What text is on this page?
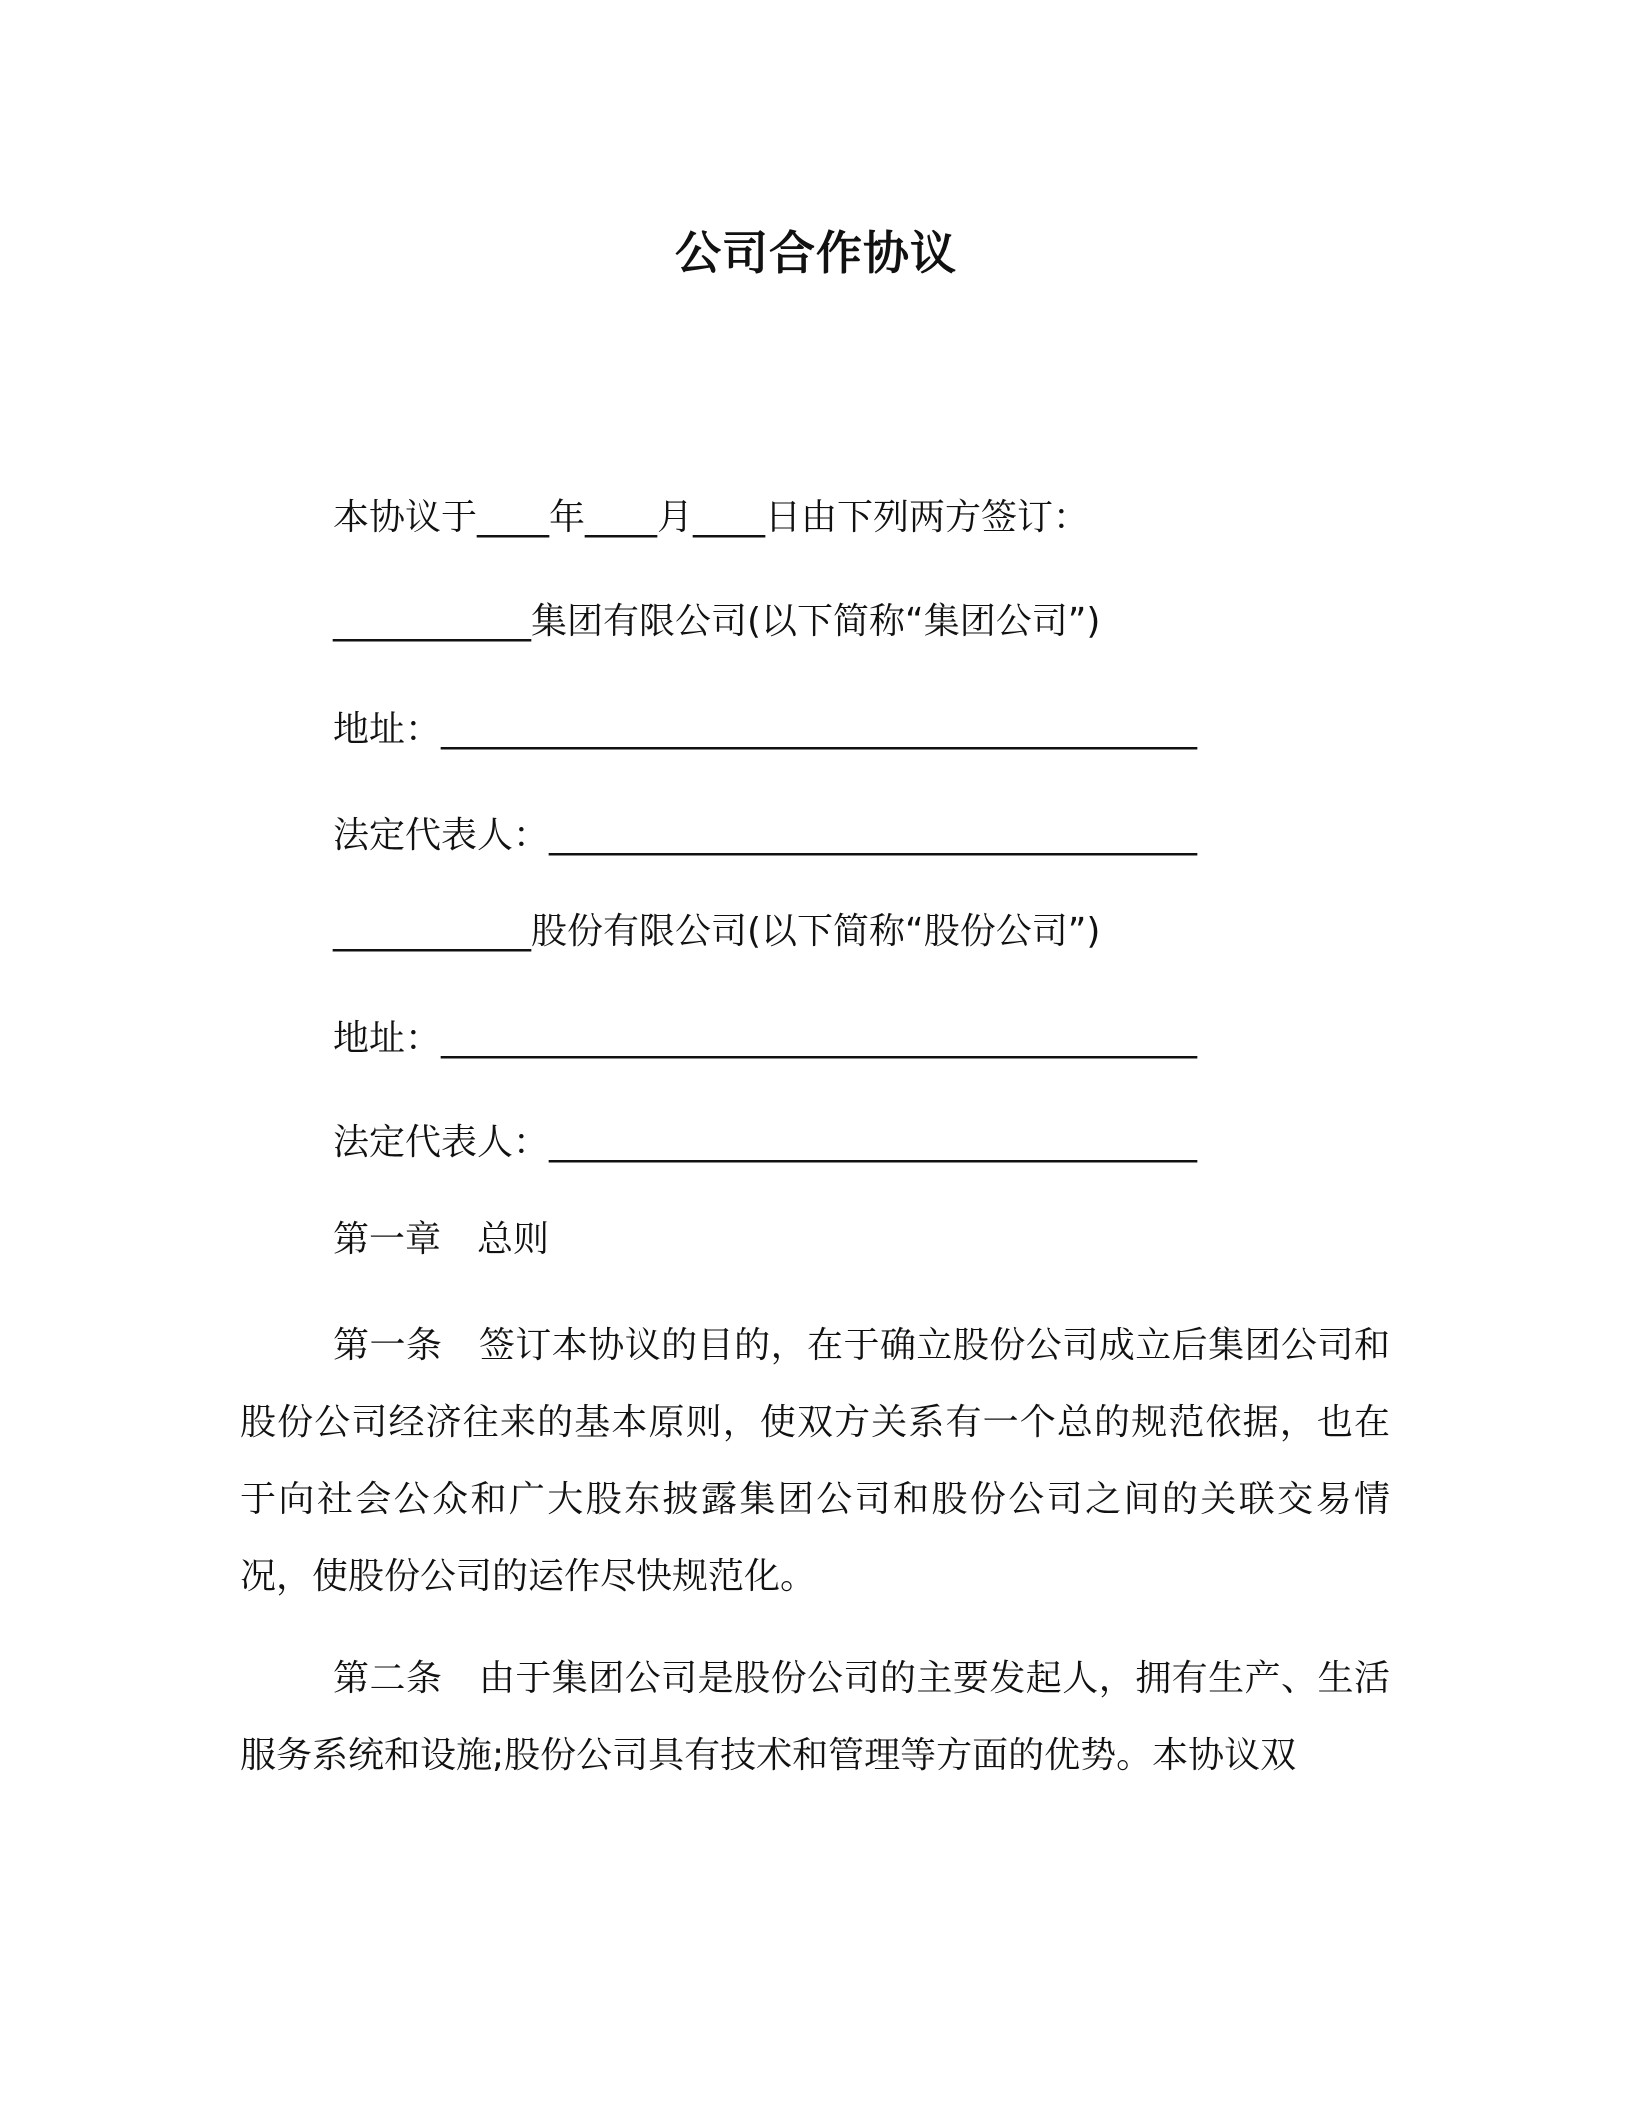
公司合作协议
本协议于____年____月____日由下列两方签订：
___________集团有限公司(以下简称“集团公司”)
地址：__________________________________________
法定代表人：____________________________________
___________股份有限公司(以下简称“股份公司”)
地址：__________________________________________
法定代表人：____________________________________
第一章　总则
第一条　签订本协议的目的，在于确立股份公司成立后集团公司和股份公司经济往来的基本原则，使双方关系有一个总的规范依据，也在于向社会公众和广大股东披露集团公司和股份公司之间的关联交易情况，使股份公司的运作尽快规范化。
第二条　由于集团公司是股份公司的主要发起人，拥有生产、生活服务系统和设施;股份公司具有技术和管理等方面的优势。本协议双
